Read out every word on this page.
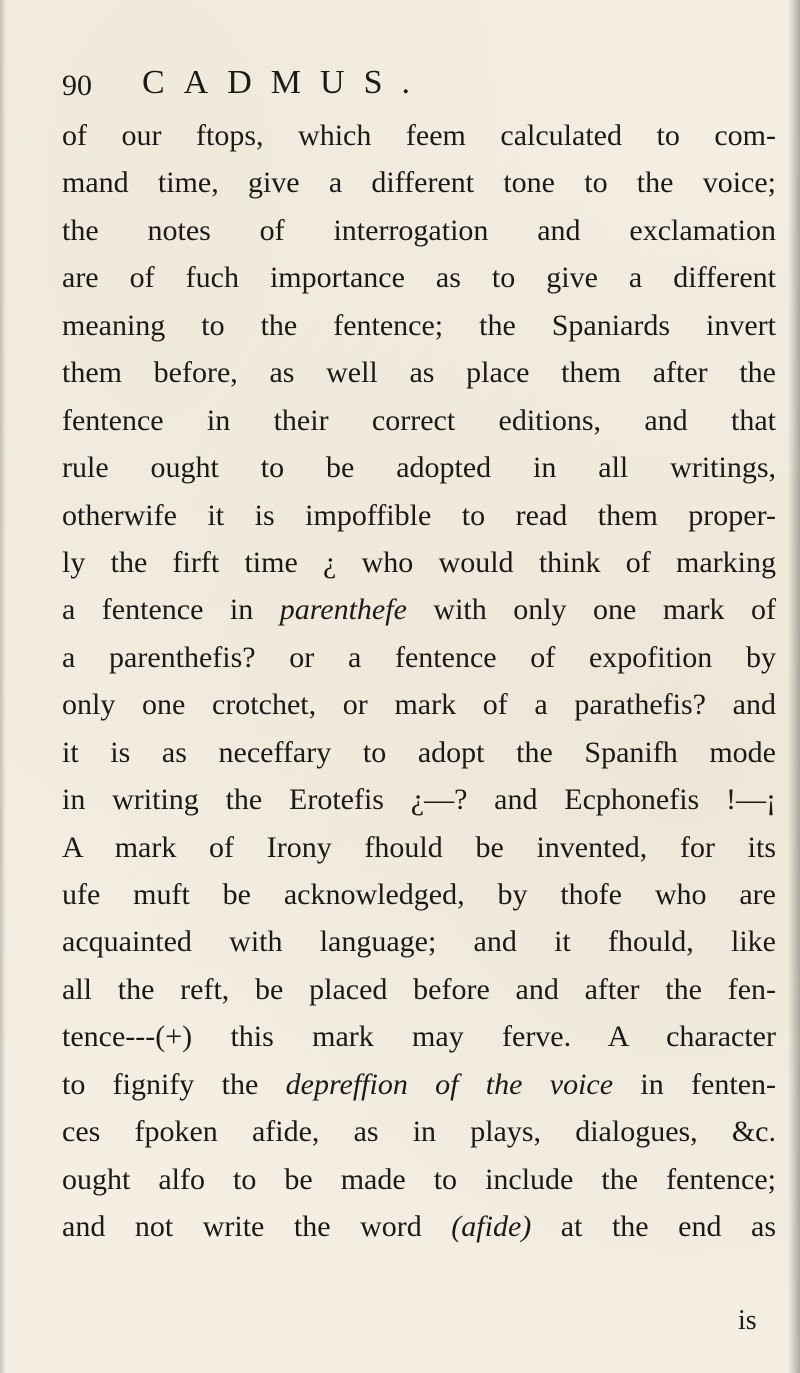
90 CADMUS.
of our ftops, which feem calculated to com-
mand time, give a different tone to the voice;
the notes of interrogation and exclamation
are of fuch importance as to give a different
meaning to the fentence; the Spaniards invert
them before, as well as place them after the
fentence in their correct editions, and that
rule ought to be adopted in all writings,
otherwife it is impoffible to read them proper-
ly the firft time ¿ who would think of marking
a fentence in parenthefe with only one mark of
a parenthefis? or a fentence of expofition by
only one crotchet, or mark of a parathefis? and
it is as neceffary to adopt the Spanifh mode
in writing the Erotefis ¿—? and Ecphonefis !—¡
A mark of Irony fhould be invented, for its
ufe muft be acknowledged, by thofe who are
acquainted with language; and it fhould, like
all the reft, be placed before and after the fen-
tence---(+) this mark may ferve. A character
to fignify the depreffion of the voice in fenten-
ces fpoken afide, as in plays, dialogues, &c.
ought alfo to be made to include the fentence;
and not write the word (afide) at the end as
is
